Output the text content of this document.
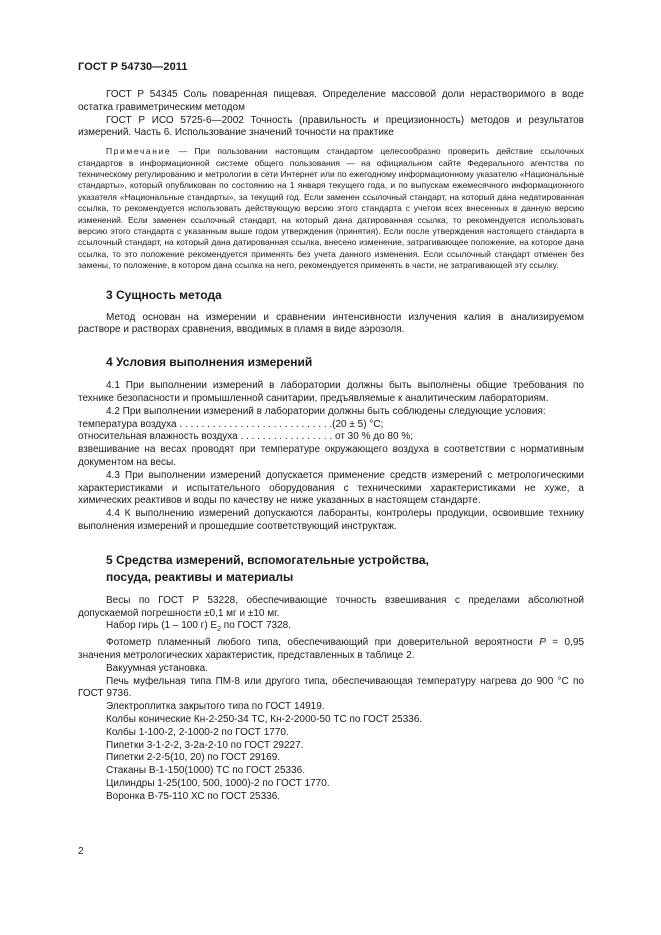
ГОСТ Р 54730—2011

ГОСТ Р 54345 Соль поваренная пищевая. Определение массовой доли нерастворимого в воде остатка гравиметрическим методом

ГОСТ Р ИСО 5725-6—2002 Точность (правильность и прецизионность) методов и результатов измерений. Часть 6. Использование значений точности на практике

Примечание — При пользовании настоящим стандартом целесообразно проверить действие ссылочных стандартов в информационной системе общего пользования — на официальном сайте Федерального агентства по техническому регулированию и метрологии в сети Интернет или по ежегодному информационному указателю «Национальные стандарты», который опубликован по состоянию на 1 января текущего года, и по выпускам ежемесячного информационного указателя «Национальные стандарты», за текущий год. Если заменен ссылочный стандарт, на который дана недатированная ссылка, то рекомендуется использовать действующую версию этого стандарта с учетом всех внесенных в данную версию изменений. Если заменен ссылочный стандарт, на который дана датированная ссылка, то рекомендуется использовать версию этого стандарта с указанным выше годом утверждения (принятия). Если после утверждения настоящего стандарта в ссылочный стандарт, на который дана датированная ссылка, внесено изменение, затрагивающее положение, на которое дана ссылка, то это положение рекомендуется применять без учета данного изменения. Если ссылочный стандарт отменен без замены, то положение, в котором дана ссылка на него, рекомендуется применять в части, не затрагивающей эту ссылку.

3 Сущность метода

Метод основан на измерении и сравнении интенсивности излучения калия в анализируемом растворе и растворах сравнения, вводимых в пламя в виде аэрозоля.

4 Условия выполнения измерений

4.1 При выполнении измерений в лаборатории должны быть выполнены общие требования по технике безопасности и промышленной санитарии, предъявляемые к аналитическим лабораториям.

4.2 При выполнении измерений в лаборатории должны быть соблюдены следующие условия:

температура воздуха . . . . . . . . . . . . . . . . . . . . . . . . . . . .(20 ± 5) °С;

относительная влажность воздуха . . . . . . . . . . . . . . . . . от 30 % до 80 %;

взвешивание на весах проводят при температуре окружающего воздуха в соответствии с нормативным документом на весы.

4.3 При выполнении измерений допускается применение средств измерений с метрологическими характеристиками и испытательного оборудования с техническими характеристиками не хуже, а химических реактивов и воды по качеству не ниже указанных в настоящем стандарте.

4.4 К выполнению измерений допускаются лаборанты, контролеры продукции, освоившие технику выполнения измерений и прошедшие соответствующий инструктаж.

5 Средства измерений, вспомогательные устройства,
посуда, реактивы и материалы

Весы по ГОСТ Р 53228, обеспечивающие точность взвешивания с пределами абсолютной допускаемой погрешности ±0,1 мг и ±10 мг.

Набор гирь (1 – 100 г) $E_2$ по ГОСТ 7328.

Фотометр пламенный любого типа, обеспечивающий при доверительной вероятности P = 0,95 значения метрологических характеристик, представленных в таблице 2.

Вакуумная установка.

Печь муфельная типа ПМ-8 или другого типа, обеспечивающая температуру нагрева до 900 °С по ГОСТ 9736.

Электроплитка закрытого типа по ГОСТ 14919.

Колбы конические Кн-2-250-34 ТС, Кн-2-2000-50 ТС по ГОСТ 25336.

Колбы 1-100-2, 2-1000-2 по ГОСТ 1770.

Пипетки 3-1-2-2, 3-2а-2-10 по ГОСТ 29227.

Пипетки 2-2-5(10, 20) по ГОСТ 29169.

Стаканы В-1-150(1000) ТС по ГОСТ 25336.

Цилиндры 1-25(100, 500, 1000)-2 по ГОСТ 1770.

Воронка В-75-110 ХС по ГОСТ 25336.

2
